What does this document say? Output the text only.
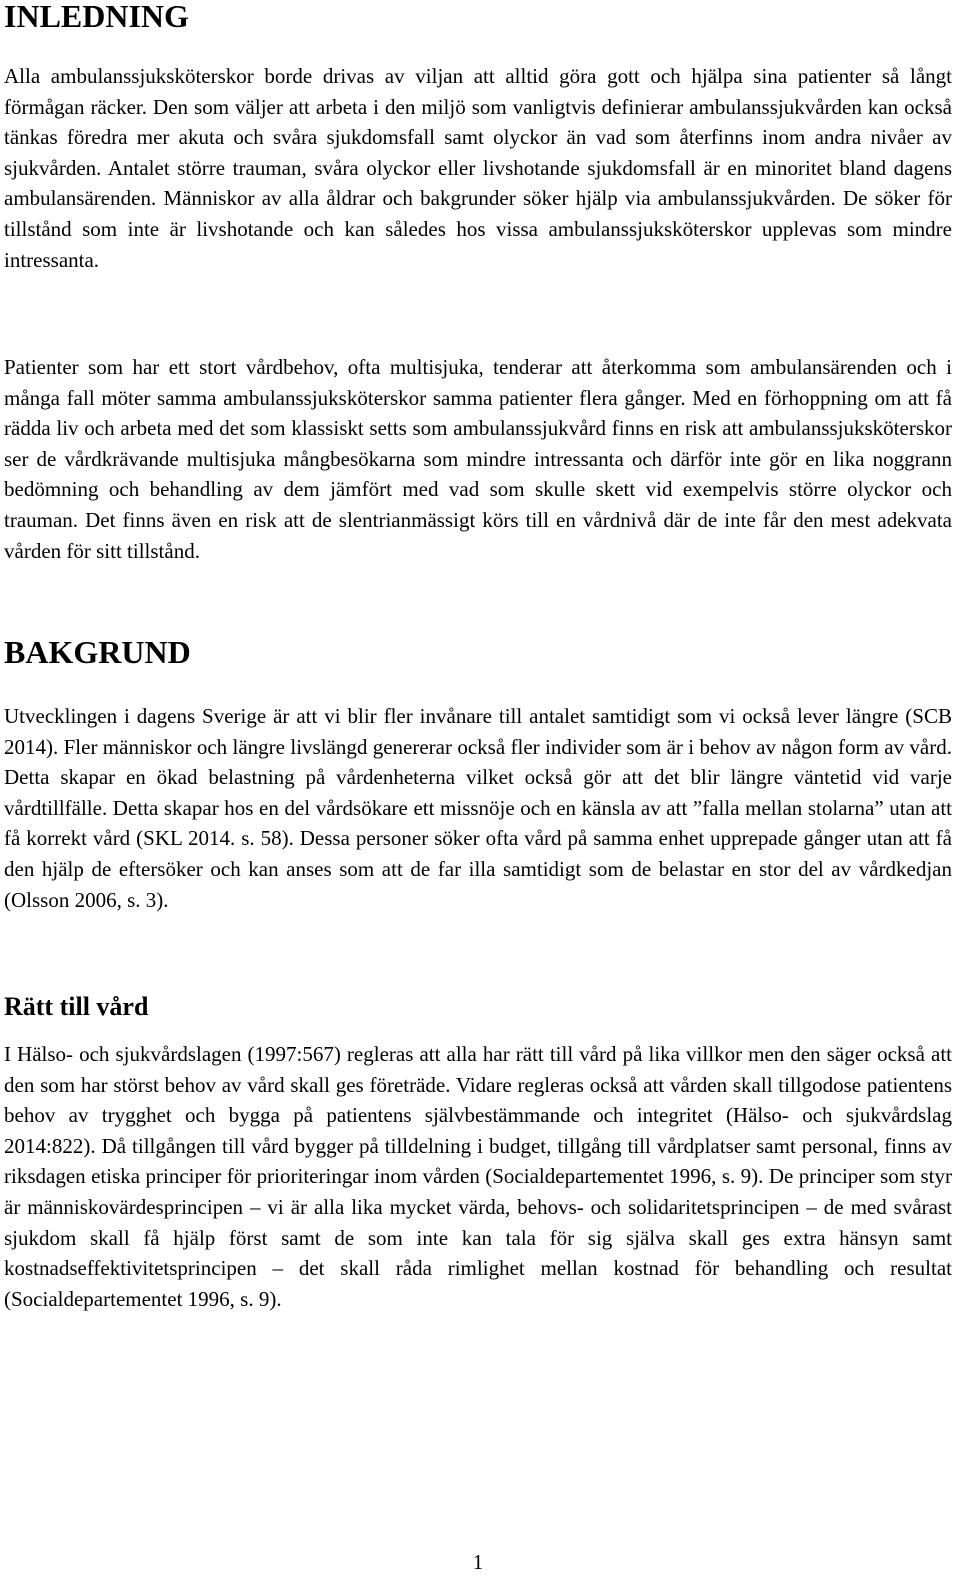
INLEDNING

Alla ambulanssjuksköterskor borde drivas av viljan att alltid göra gott och hjälpa sina patienter så långt förmågan räcker. Den som väljer att arbeta i den miljö som vanligtvis definierar ambulanssjukvården kan också tänkas föredra mer akuta och svåra sjukdomsfall samt olyckor än vad som återfinns inom andra nivåer av sjukvården. Antalet större trauman, svåra olyckor eller livshotande sjukdomsfall är en minoritet bland dagens ambulansärenden. Människor av alla åldrar och bakgrunder söker hjälp via ambulanssjukvården. De söker för tillstånd som inte är livshotande och kan således hos vissa ambulanssjuksköterskor upplevas som mindre intressanta.

Patienter som har ett stort vårdbehov, ofta multisjuka, tenderar att återkomma som ambulansärenden och i många fall möter samma ambulanssjuksköterskor samma patienter flera gånger. Med en förhoppning om att få rädda liv och arbeta med det som klassiskt setts som ambulanssjukvård finns en risk att ambulanssjuksköterskor ser de vårdkrävande multisjuka mångbesökarna som mindre intressanta och därför inte gör en lika noggrann bedömning och behandling av dem jämfört med vad som skulle skett vid exempelvis större olyckor och trauman. Det finns även en risk att de slentrianmässigt körs till en vårdnivå där de inte får den mest adekvata vården för sitt tillstånd.

BAKGRUND

Utvecklingen i dagens Sverige är att vi blir fler invånare till antalet samtidigt som vi också lever längre (SCB 2014). Fler människor och längre livslängd genererar också fler individer som är i behov av någon form av vård. Detta skapar en ökad belastning på vårdenheterna vilket också gör att det blir längre väntetid vid varje vårdtillfälle. Detta skapar hos en del vårdsökare ett missnöje och en känsla av att ”falla mellan stolarna” utan att få korrekt vård (SKL 2014. s. 58). Dessa personer söker ofta vård på samma enhet upprepade gånger utan att få den hjälp de eftersöker och kan anses som att de far illa samtidigt som de belastar en stor del av vårdkedjan (Olsson 2006, s. 3).

Rätt till vård

I Hälso- och sjukvårdslagen (1997:567) regleras att alla har rätt till vård på lika villkor men den säger också att den som har störst behov av vård skall ges företräde. Vidare regleras också att vården skall tillgodose patientens behov av trygghet och bygga på patientens självbestämmande och integritet (Hälso- och sjukvårdslag 2014:822). Då tillgången till vård bygger på tilldelning i budget, tillgång till vårdplatser samt personal, finns av riksdagen etiska principer för prioriteringar inom vården (Socialdepartementet 1996, s. 9). De principer som styr är människovärdesprincipen – vi är alla lika mycket värda, behovs- och solidaritetsprincipen – de med svårast sjukdom skall få hjälp först samt de som inte kan tala för sig själva skall ges extra hänsyn samt kostnadseffektivitetsprincipen – det skall råda rimlighet mellan kostnad för behandling och resultat (Socialdepartementet 1996, s. 9).

1
